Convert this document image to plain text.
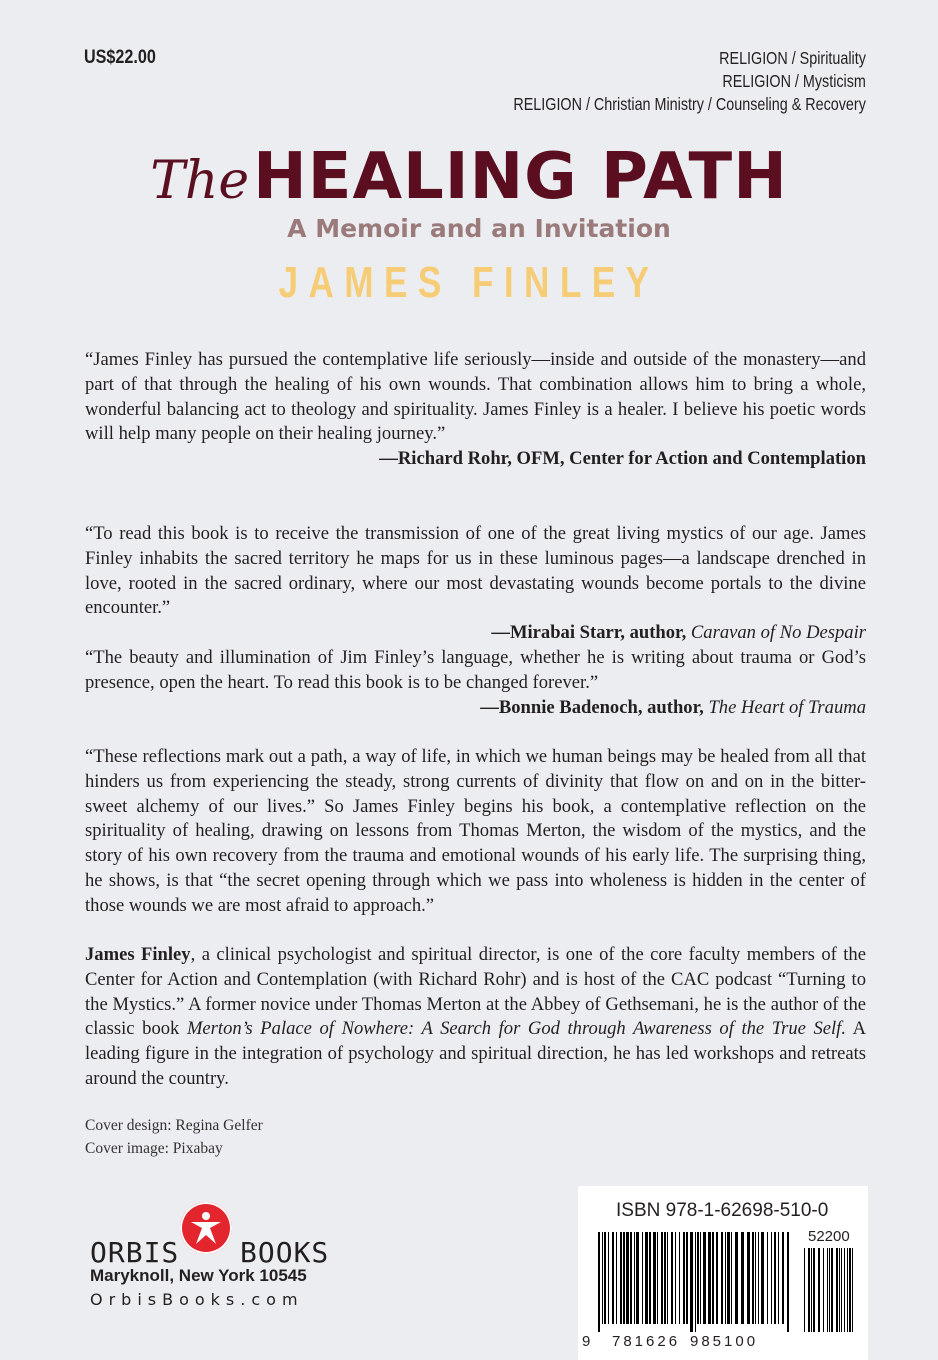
US$22.00	RELIGION / Spirituality
RELIGION / Mysticism
RELIGION / Christian Ministry / Counseling & Recovery
The HEALING PATH
A Memoir and an Invitation
JAMES FINLEY
“James Finley has pursued the contemplative life seriously—inside and outside of the monastery—and part of that through the healing of his own wounds. That combination allows him to bring a whole, wonderful balancing act to theology and spirituality. James Finley is a healer. I believe his poetic words will help many people on their healing journey.”
—Richard Rohr, OFM, Center for Action and Contemplation
“To read this book is to receive the transmission of one of the great living mystics of our age. James Finley inhabits the sacred territory he maps for us in these luminous pages—a landscape drenched in love, rooted in the sacred ordinary, where our most devastating wounds become portals to the divine encounter.”
—Mirabai Starr, author, Caravan of No Despair
“The beauty and illumination of Jim Finley’s language, whether he is writing about trauma or God’s presence, open the heart. To read this book is to be changed forever.”
—Bonnie Badenoch, author, The Heart of Trauma
“These reflections mark out a path, a way of life, in which we human beings may be healed from all that hinders us from experiencing the steady, strong currents of divinity that flow on and on in the bitter-sweet alchemy of our lives.” So James Finley begins his book, a contemplative reflection on the spirituality of healing, drawing on lessons from Thomas Merton, the wisdom of the mystics, and the story of his own recovery from the trauma and emotional wounds of his early life. The surprising thing, he shows, is that “the secret opening through which we pass into wholeness is hidden in the center of those wounds we are most afraid to approach.”
James Finley, a clinical psychologist and spiritual director, is one of the core faculty members of the Center for Action and Contemplation (with Richard Rohr) and is host of the CAC podcast “Turning to the Mystics.” A former novice under Thomas Merton at the Abbey of Gethsemani, he is the author of the classic book Merton’s Palace of Nowhere: A Search for God through Awareness of the True Self. A leading figure in the integration of psychology and spiritual direction, he has led workshops and retreats around the country.
Cover design: Regina Gelfer
Cover image: Pixabay
ORBIS BOOKS
Maryknoll, New York 10545
OrbisBooks.com
ISBN 978-1-62698-510-0
52200
9 781626 985100
